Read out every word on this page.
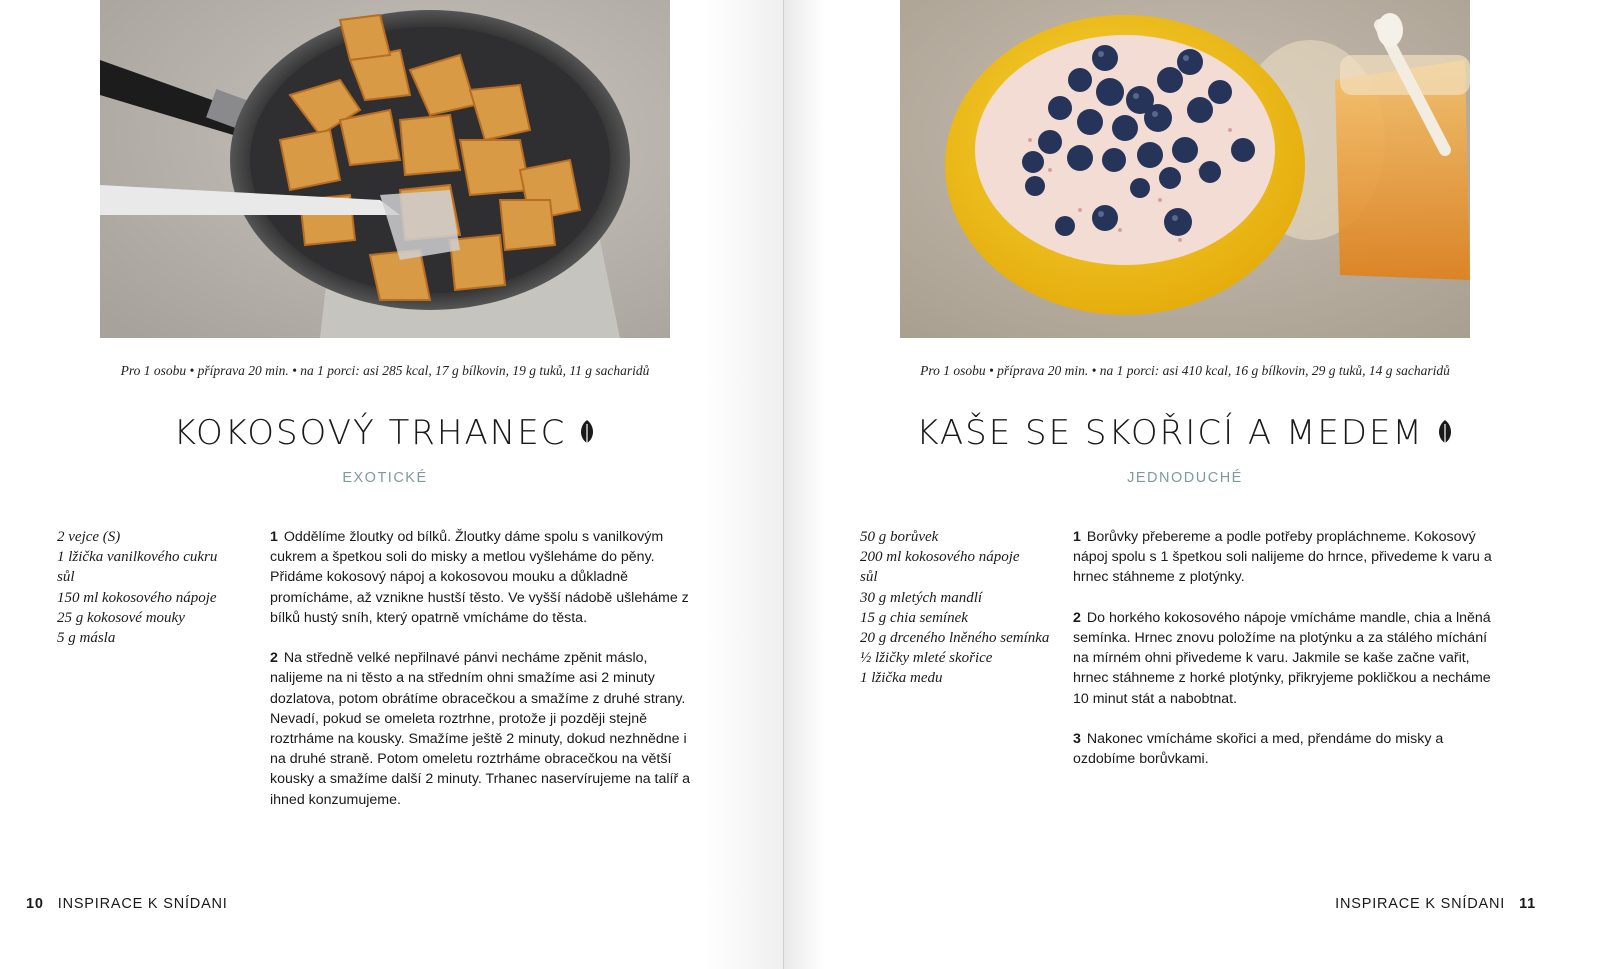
Pro 1 osobu • příprava 20 min. • na 1 porci: asi 285 kcal, 17 g bílkovin, 19 g tuků, 11 g sacharidů
KOKOSOVÝ TRHANEC
EXOTICKÉ
2 vejce (S)
1 lžička vanilkového cukru
sůl
150 ml kokosového nápoje
25 g kokosové mouky
5 g másla

1 Oddělíme žloutky od bílků. Žloutky dáme spolu s vanilkovým cukrem a špetkou soli do misky a metlou vyšleháme do pěny. Přidáme kokosový nápoj a kokosovou mouku a důkladně promícháme, až vznikne hustší těsto. Ve vyšší nádobě ušleháme z bílků hustý sníh, který opatrně vmícháme do těsta.

2 Na středně velké nepřilnavé pánvi necháme zpěnit máslo, nalijeme na ni těsto a na středním ohni smažíme asi 2 minuty dozlatova, potom obrátíme obracečkou a smažíme z druhé strany. Nevadí, pokud se omeleta roztrhne, protože ji později stejně roztrháme na kousky. Smažíme ještě 2 minuty, dokud nezhnědne i na druhé straně. Potom omeletu roztrháme obracečkou na větší kousky a smažíme další 2 minuty. Trhanec naservírujeme na talíř a ihned konzumujeme.

10 INSPIRACE K SNÍDANI
Pro 1 osobu • příprava 20 min. • na 1 porci: asi 410 kcal, 16 g bílkovin, 29 g tuků, 14 g sacharidů
KAŠE SE SKOŘICÍ A MEDEM
JEDNODUCHÉ
50 g borůvek
200 ml kokosového nápoje
sůl
30 g mletých mandlí
15 g chia semínek
20 g drceného lněného semínka
½ lžičky mleté skořice
1 lžička medu

1 Borůvky přebereme a podle potřeby propláchneme. Kokosový nápoj spolu s 1 špetkou soli nalijeme do hrnce, přivedeme k varu a hrnec stáhneme z plotýnky.

2 Do horkého kokosového nápoje vmícháme mandle, chia a lněná semínka. Hrnec znovu položíme na plotýnku a za stálého míchání na mírném ohni přivedeme k varu. Jakmile se kaše začne vařit, hrnec stáhneme z horké plotýnky, přikryjeme pokličkou a necháme 10 minut stát a nabobtnat.

3 Nakonec vmícháme skořici a med, přendáme do misky a ozdobíme borůvkami.

INSPIRACE K SNÍDANI 11
